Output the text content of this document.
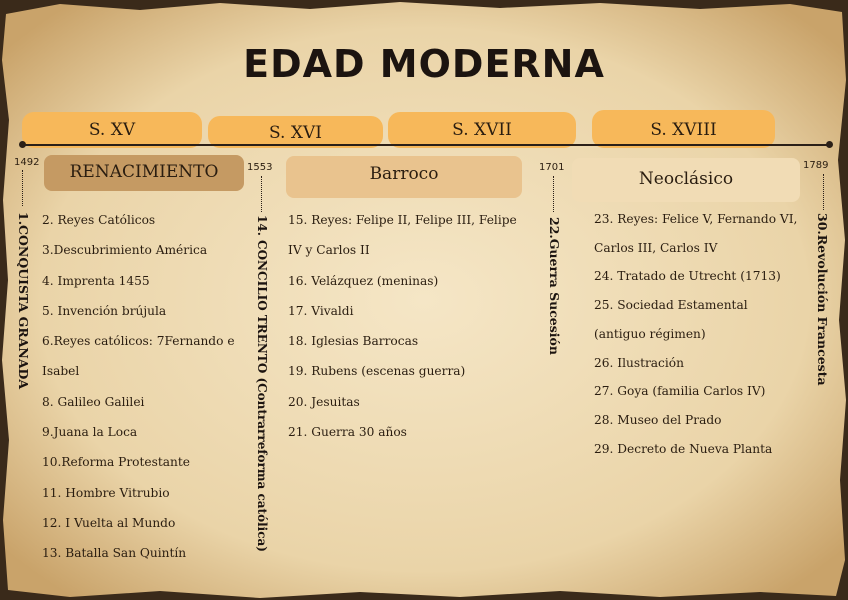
EDAD MODERNA
S. XV	S. XVI	S. XVII	S. XVIII
1492	1553	1701	1789
RENACIMIENTO	Barroco	Neoclásico
1.CONQUISTA GRANADA	14. CONCILIO TRENTO (Contrarreforma católica)	22.Guerra Sucesión	30.Revolución Francesta
2. Reyes Católicos
3.Descubrimiento América
4. Imprenta 1455
5. Invención brújula
6.Reyes católicos: 7Fernando e
Isabel
8. Galileo Galilei
9.Juana la Loca
10.Reforma Protestante
11. Hombre Vitrubio
12. I Vuelta al Mundo
13. Batalla San Quintín
15. Reyes: Felipe II, Felipe III, Felipe
IV y Carlos II
16. Velázquez (meninas)
17. Vivaldi
18. Iglesias Barrocas
19. Rubens (escenas guerra)
20. Jesuitas
21. Guerra 30 años
23. Reyes: Felice V, Fernando VI,
Carlos III, Carlos IV
24. Tratado de Utrecht (1713)
25. Sociedad Estamental
(antiguo régimen)
26. Ilustración
27. Goya (familia Carlos IV)
28. Museo del Prado
29. Decreto de Nueva Planta
